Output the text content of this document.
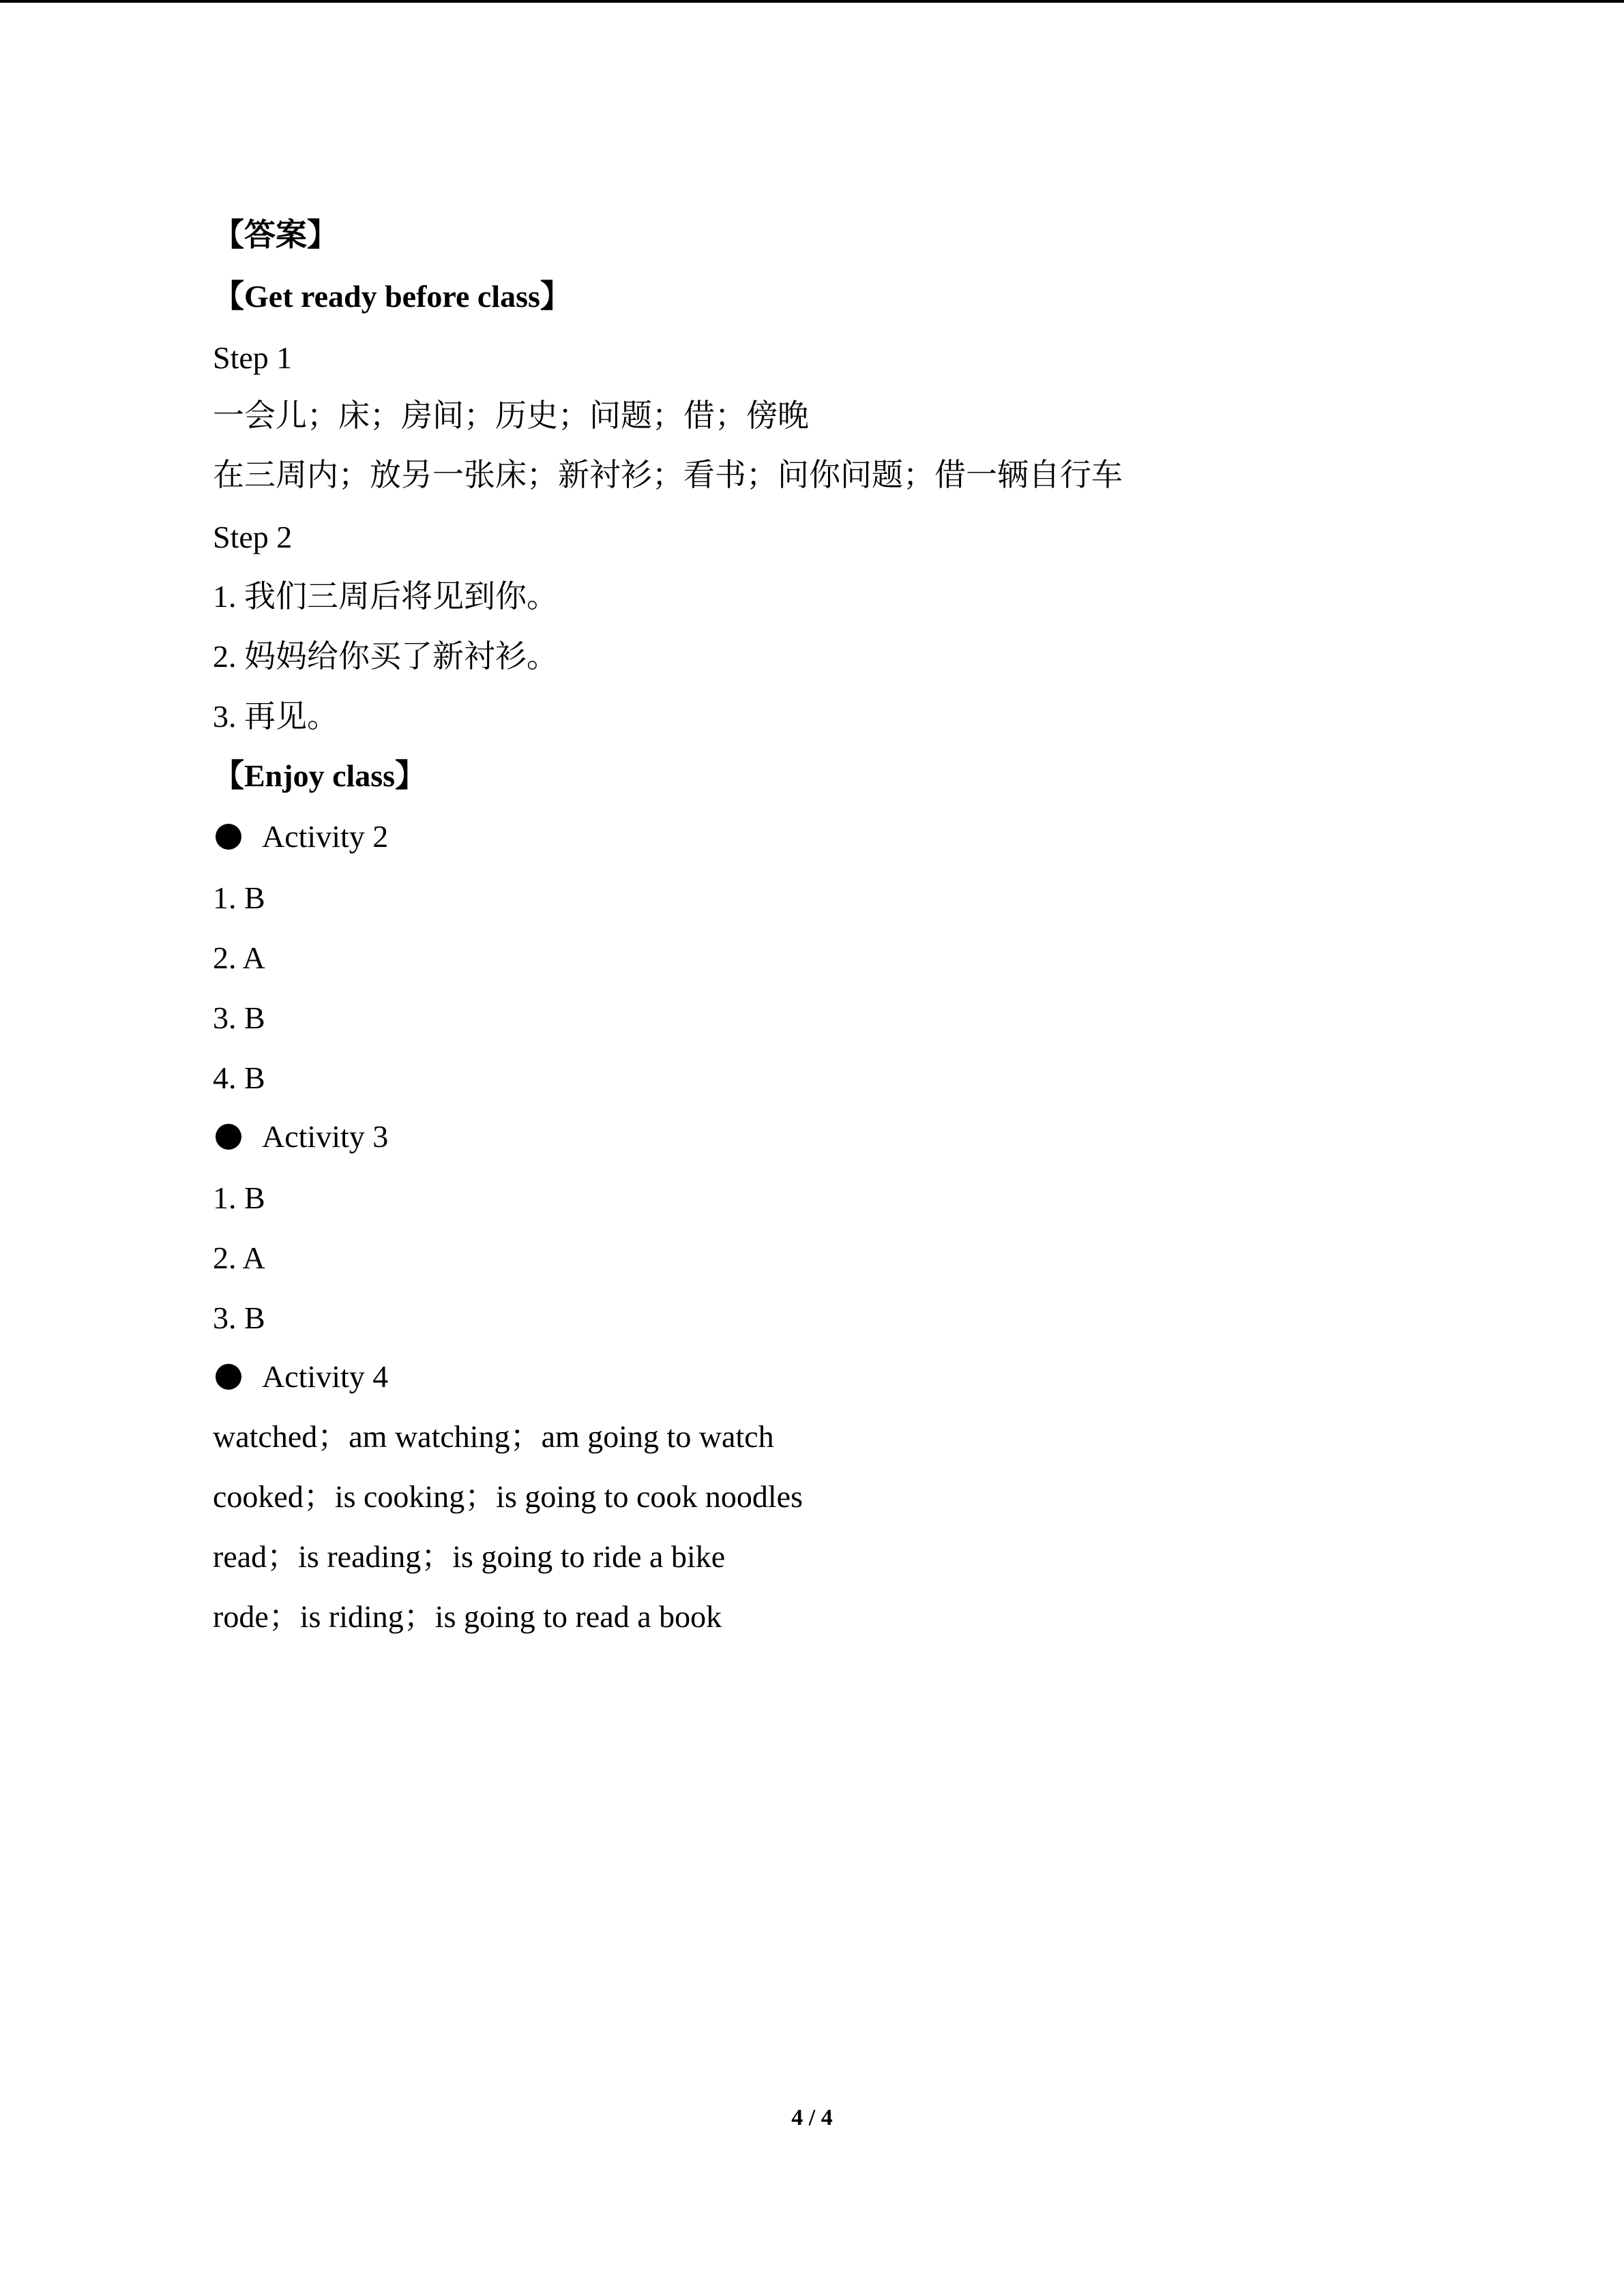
【答案】
【Get ready before class】
Step 1
一会儿；床；房间；历史；问题；借；傍晚
在三周内；放另一张床；新衬衫；看书；问你问题；借一辆自行车
Step 2
1. 我们三周后将见到你。
2. 妈妈给你买了新衬衫。
3. 再见。
【Enjoy class】
Activity 2
1. B
2. A
3. B
4. B
Activity 3
1. B
2. A
3. B
Activity 4
watched；am watching；am going to watch
cooked；is cooking；is going to cook noodles
read；is reading；is going to ride a bike
rode；is riding；is going to read a book
4 / 4
